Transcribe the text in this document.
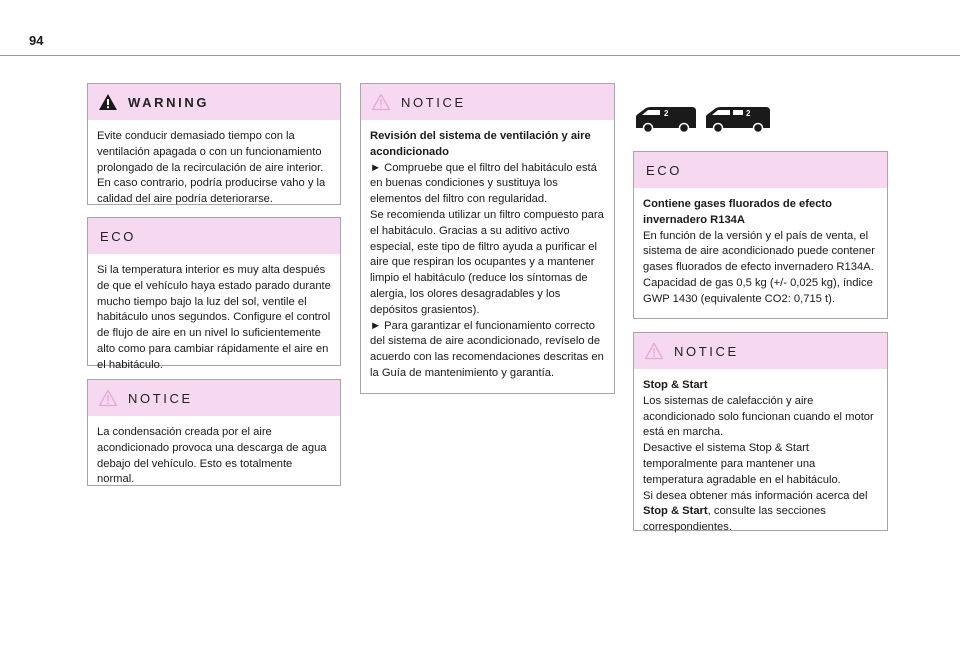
94
WARNING

Evite conducir demasiado tiempo con la ventilación apagada o con un funcionamiento prolongado de la recirculación de aire interior. En caso contrario, podría producirse vaho y la calidad del aire podría deteriorarse.

ECO

Si la temperatura interior es muy alta después de que el vehículo haya estado parado durante mucho tiempo bajo la luz del sol, ventile el habitáculo unos segundos. Configure el control de flujo de aire en un nivel lo suficientemente alto como para cambiar rápidamente el aire en el habitáculo.

NOTICE

La condensación creada por el aire acondicionado provoca una descarga de agua debajo del vehículo. Esto es totalmente normal.

NOTICE

Revisión del sistema de ventilación y aire acondicionado

► Compruebe que el filtro del habitáculo está en buenas condiciones y sustituya los elementos del filtro con regularidad.

Se recomienda utilizar un filtro compuesto para el habitáculo. Gracias a su aditivo activo especial, este tipo de filtro ayuda a purificar el aire que respiran los ocupantes y a mantener limpio el habitáculo (reduce los síntomas de alergia, los olores desagradables y los depósitos grasientos).

► Para garantizar el funcionamiento correcto del sistema de aire acondicionado, revíselo de acuerdo con las recomendaciones descritas en la Guía de mantenimiento y garantía.

2	2
ECO

Contiene gases fluorados de efecto invernadero R134A

En función de la versión y el país de venta, el sistema de aire acondicionado puede contener gases fluorados de efecto invernadero R134A.

Capacidad de gas 0,5 kg (+/- 0,025 kg), índice GWP 1430 (equivalente CO2: 0,715 t).

NOTICE

Stop & Start

Los sistemas de calefacción y aire acondicionado solo funcionan cuando el motor está en marcha.

Desactive el sistema Stop & Start temporalmente para mantener una temperatura agradable en el habitáculo.

Si desea obtener más información acerca del Stop & Start, consulte las secciones correspondientes.
